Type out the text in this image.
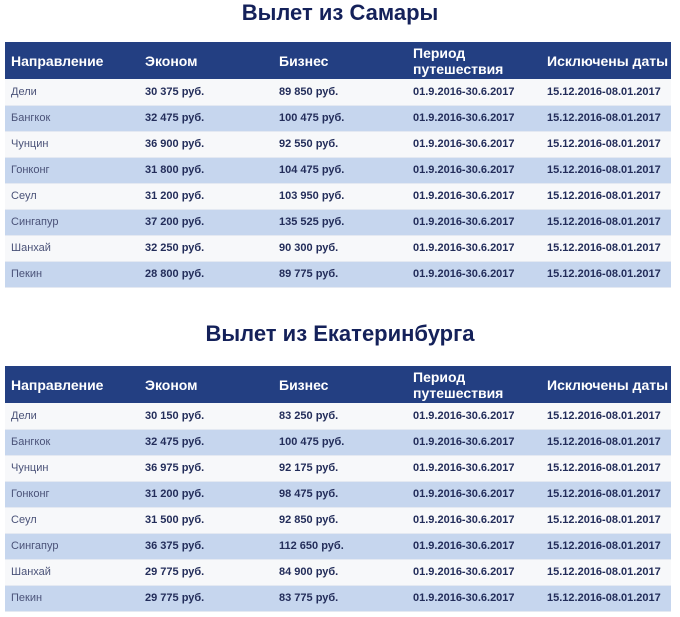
Вылет из Самары
Направление	Эконом	Бизнес	Период путешествия	Исключены даты
Дели	30 375 руб.	89 850 руб.	01.9.2016-30.6.2017	15.12.2016-08.01.2017
Бангкок	32 475 руб.	100 475 руб.	01.9.2016-30.6.2017	15.12.2016-08.01.2017
Чунцин	36 900 руб.	92 550 руб.	01.9.2016-30.6.2017	15.12.2016-08.01.2017
Гонконг	31 800 руб.	104 475 руб.	01.9.2016-30.6.2017	15.12.2016-08.01.2017
Сеул	31 200 руб.	103 950 руб.	01.9.2016-30.6.2017	15.12.2016-08.01.2017
Сингапур	37 200 руб.	135 525 руб.	01.9.2016-30.6.2017	15.12.2016-08.01.2017
Шанхай	32 250 руб.	90 300 руб.	01.9.2016-30.6.2017	15.12.2016-08.01.2017
Пекин	28 800 руб.	89 775 руб.	01.9.2016-30.6.2017	15.12.2016-08.01.2017
Вылет из Екатеринбурга
Направление	Эконом	Бизнес	Период путешествия	Исключены даты
Дели	30 150 руб.	83 250 руб.	01.9.2016-30.6.2017	15.12.2016-08.01.2017
Бангкок	32 475 руб.	100 475 руб.	01.9.2016-30.6.2017	15.12.2016-08.01.2017
Чунцин	36 975 руб.	92 175 руб.	01.9.2016-30.6.2017	15.12.2016-08.01.2017
Гонконг	31 200 руб.	98 475 руб.	01.9.2016-30.6.2017	15.12.2016-08.01.2017
Сеул	31 500 руб.	92 850 руб.	01.9.2016-30.6.2017	15.12.2016-08.01.2017
Сингапур	36 375 руб.	112 650 руб.	01.9.2016-30.6.2017	15.12.2016-08.01.2017
Шанхай	29 775 руб.	84 900 руб.	01.9.2016-30.6.2017	15.12.2016-08.01.2017
Пекин	29 775 руб.	83 775 руб.	01.9.2016-30.6.2017	15.12.2016-08.01.2017
